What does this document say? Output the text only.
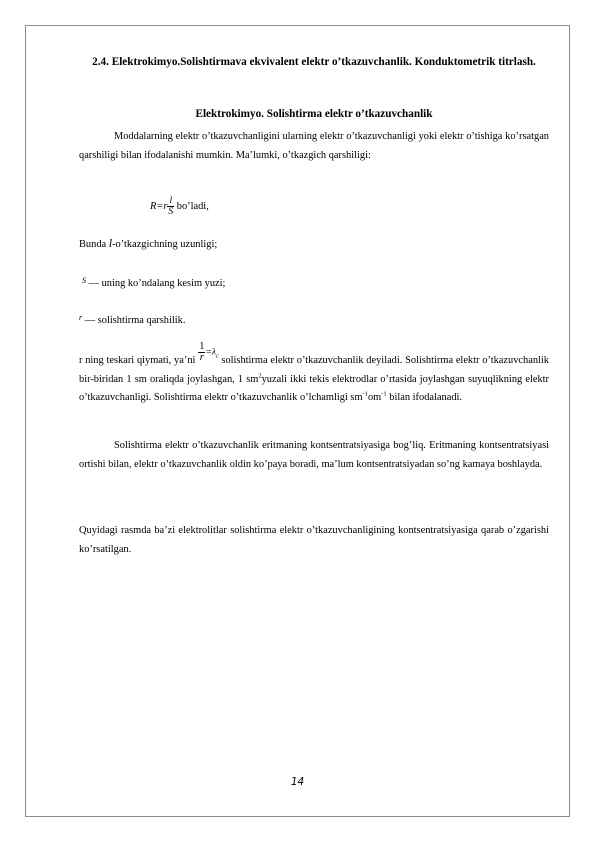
2.4. Elektrokimyo.Solishtirmava ekvivalent elektr o’tkazuvchanlik. Konduktometrik titrlash.
Elektrokimyo. Solishtirma elektr o’tkazuvchanlik
Moddalarning elektr o’tkazuvchanligini ularning elektr o’tkazuvchanligi yoki elektr o’tishiga ko’rsatgan qarshiligi bilan ifodalanishi mumkin. Ma’lumki, o’tkazgich qarshiligi:
$R=r \frac{l}{S}$ bo’ladi,
Bunda l-o’tkazgichning uzunligi;
$^S$ — uning ko’ndalang kesim yuzi;
$^r$ — solishtirma qarshilik.
r ning teskari qiymati, ya’ni $\frac{1}{r} =\lambda_c$ solishtirma elektr o’tkazuvchanlik deyiladi. Solishtirma elektr o’tkazuvchanlik bir-biridan 1 sm oraliqda joylashgan, 1 $sm^2yuzali$ ikki tekis elektrodlar o’rtasida joylashgan suyuqlikning elektr o’tkazuvchanligi. Solishtirma elektr o’tkazuvchanlik o’lchamligi $sm^{-1}om^{-1}$ bilan ifodalanadi.
Solishtirma elektr o’tkazuvchanlik eritmaning kontsentratsiyasiga bog’liq. Eritmaning kontsentratsiyasi ortishi bilan, elektr o’tkazuvchanlik oldin ko’paya boradi, ma’lum kontsentratsiyadan so’ng kamaya boshlayda.
Quyidagi rasmda ba’zi elektrolitlar solishtirma elektr o’tkazuvchanligining kontsentratsiyasiga qarab o’zgarishi ko’rsatilgan.
14
